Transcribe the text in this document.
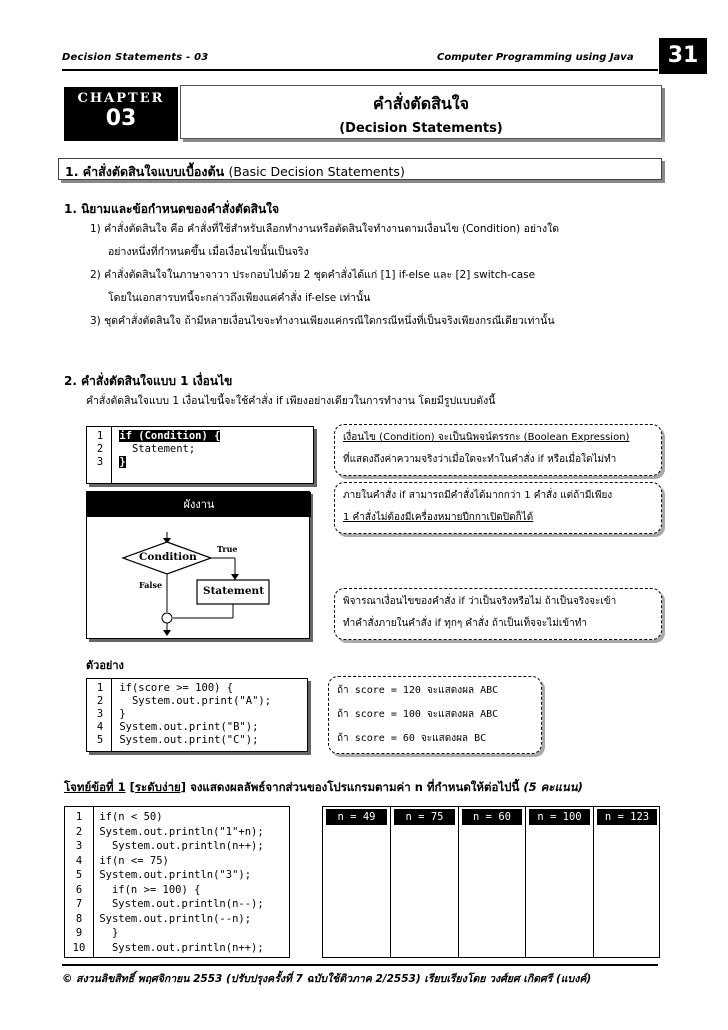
Decision Statements - 03	Computer Programming using Java	31
CHAPTER
03
คำสั่งตัดสินใจ
(Decision Statements)
1. คำสั่งตัดสินใจแบบเบื้องต้น (Basic Decision Statements)
1. นิยามและข้อกำหนดของคำสั่งตัดสินใจ
1) คำสั่งตัดสินใจ คือ คำสั่งที่ใช้สำหรับเลือกทำงานหรือตัดสินใจทำงานตามเงื่อนไข (Condition) อย่างใด
อย่างหนึ่งที่กำหนดขึ้น เมื่อเงื่อนไขนั้นเป็นจริง
2) คำสั่งตัดสินใจในภาษาจาวา ประกอบไปด้วย 2 ชุดคำสั่งได้แก่ [1] if-else และ [2] switch-case
โดยในเอกสารบทนี้จะกล่าวถึงเพียงแค่คำสั่ง if-else เท่านั้น
3) ชุดคำสั่งตัดสินใจ ถ้ามีหลายเงื่อนไขจะทำงานเพียงแค่กรณีใดกรณีหนึ่งที่เป็นจริงเพียงกรณีเดียวเท่านั้น
2. คำสั่งตัดสินใจแบบ 1 เงื่อนไข
คำสั่งตัดสินใจแบบ 1 เงื่อนไขนี้จะใช้คำสั่ง if เพียงอย่างเดียวในการทำงาน โดยมีรูปแบบดังนี้
1 if (Condition) {
2   Statement;
3 }
เงื่อนไข (Condition) จะเป็นนิพจน์ตรรกะ (Boolean Expression)
ที่แสดงถึงค่าความจริงว่าเมื่อใดจะทำในคำสั่ง if หรือเมื่อใดไม่ทำ
ภายในคำสั่ง if สามารถมีคำสั่งได้มากกว่า 1 คำสั่ง แต่ถ้ามีเพียง
1 คำสั่งไม่ต้องมีเครื่องหมายปีกกาเปิดปิดก็ได้
ผังงาน
Condition
True
False	Statement
พิจารณาเงื่อนไขของคำสั่ง if ว่าเป็นจริงหรือไม่ ถ้าเป็นจริงจะเข้า
ทำคำสั่งภายในคำสั่ง if ทุกๆ คำสั่ง ถ้าเป็นเท็จจะไม่เข้าทำ
ตัวอย่าง
1 if(score >= 100) {
2   System.out.print("A");
3 }
4 System.out.print("B");
5 System.out.print("C");
ถ้า score = 120 จะแสดงผล ABC
ถ้า score = 100 จะแสดงผล ABC
ถ้า score = 60 จะแสดงผล BC
โจทย์ข้อที่ 1 [ระดับง่าย] จงแสดงผลลัพธ์จากส่วนของโปรแกรมตามค่า n ที่กำหนดให้ต่อไปนี้ (5 คะแนน)
1 if(n < 50)
2 System.out.println("1"+n);
3   System.out.println(n++);
4 if(n <= 75)
5 System.out.println("3");
6   if(n >= 100) {
7   System.out.println(n--);
8 System.out.println(--n);
9   }
10   System.out.println(n++);
n = 49	n = 75	n = 60	n = 100	n = 123
© สงวนลิขสิทธิ์ พฤศจิกายน 2553 (ปรับปรุงครั้งที่ 7 ฉบับใช้ติวภาค 2/2553) เรียบเรียงโดย วงศ์ยศ เกิดศรี (แบงค์)
